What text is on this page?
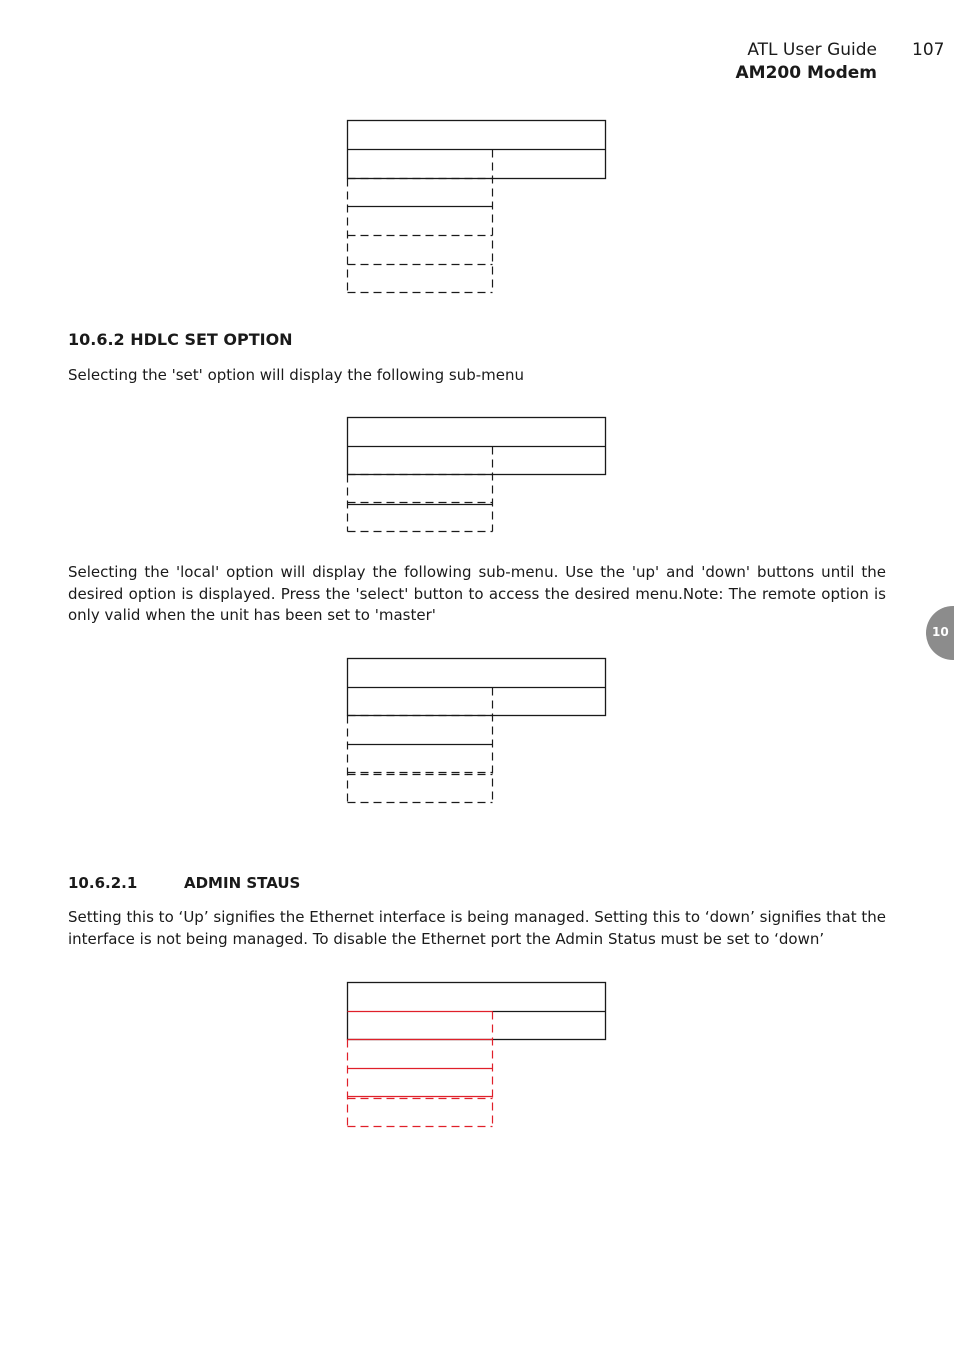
ATL User Guide
AM200 Modem
107
10
10.6.2 HDLC SET OPTION

Selecting the 'set' option will display the following sub-menu

Selecting the 'local' option will display the following sub-menu. Use the 'up' and 'down' buttons until the desired option is displayed. Press the 'select' button to access the desired menu.Note: The remote option is only valid when the unit has been set to 'master'

10.6.2.1	ADMIN STAUS

Setting this to ‘Up’ signifies the Ethernet interface is being managed. Setting this to ‘down’ signifies that the interface is not being managed. To disable the Ethernet port the Admin Status must be set to ‘down’
